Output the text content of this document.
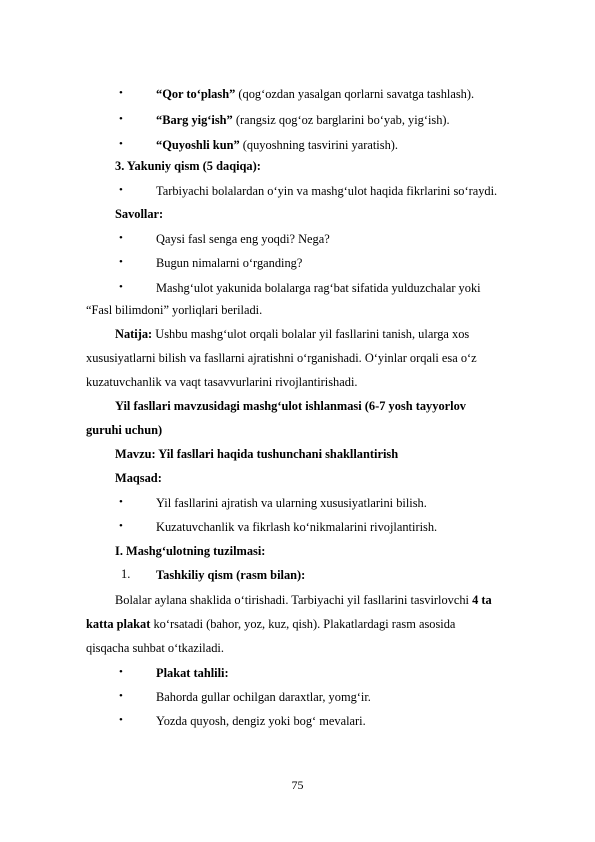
•	“Qor to‘plash” (qog‘ozdan yasalgan qorlarni savatga tashlash).
•	“Barg yig‘ish” (rangsiz qog‘oz barglarini bo‘yab, yig‘ish).
•	“Quyoshli kun” (quyoshning tasvirini yaratish).
3. Yakuniy qism (5 daqiqa):
•	Tarbiyachi bolalardan o‘yin va mashg‘ulot haqida fikrlarini so‘raydi.
Savollar:
•	Qaysi fasl senga eng yoqdi? Nega?
•	Bugun nimalarni o‘rganding?
•	Mashg‘ulot yakunida bolalarga rag‘bat sifatida yulduzchalar yoki
“Fasl bilimdoni” yorliqlari beriladi.
Natija: Ushbu mashg‘ulot orqali bolalar yil fasllarini tanish, ularga xos
xususiyatlarni bilish va fasllarni ajratishni o‘rganishadi. O‘yinlar orqali esa o‘z
kuzatuvchanlik va vaqt tasavvurlarini rivojlantirishadi.
Yil fasllari mavzusidagi mashg‘ulot ishlanmasi (6-7 yosh tayyorlov
guruhi uchun)
Mavzu: Yil fasllari haqida tushunchani shakllantirish
Maqsad:
•	Yil fasllarini ajratish va ularning xususiyatlarini bilish.
•	Kuzatuvchanlik va fikrlash ko‘nikmalarini rivojlantirish.
I. Mashg‘ulotning tuzilmasi:
1. Tashkiliy qism (rasm bilan):
Bolalar aylana shaklida o‘tirishadi. Tarbiyachi yil fasllarini tasvirlovchi 4 ta
katta plakat ko‘rsatadi (bahor, yoz, kuz, qish). Plakatlardagi rasm asosida
qisqacha suhbat o‘tkaziladi.
•	Plakat tahlili:
•	Bahorda gullar ochilgan daraxtlar, yomg‘ir.
•	Yozda quyosh, dengiz yoki bog‘ mevalari.
75
